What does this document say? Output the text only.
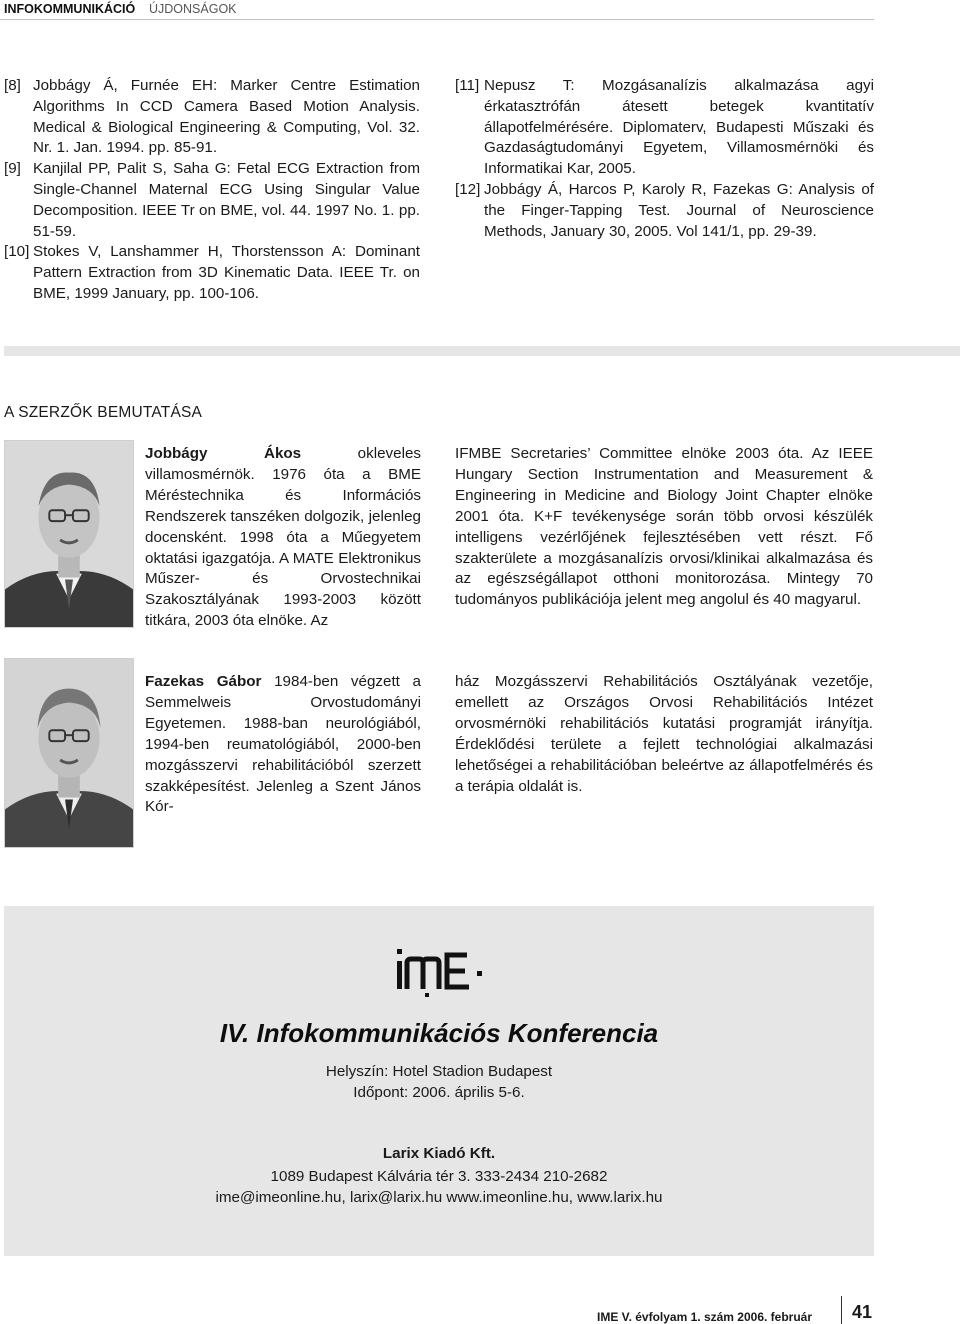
INFOKOMMUNIKÁCIÓ ÚJDONSÁGOK
[8] Jobbágy Á, Furnée EH: Marker Centre Estimation Algorithms In CCD Camera Based Motion Analysis. Medical & Biological Engineering & Computing, Vol. 32. Nr. 1. Jan. 1994. pp. 85-91.
[9] Kanjilal PP, Palit S, Saha G: Fetal ECG Extraction from Single-Channel Maternal ECG Using Singular Value Decomposition. IEEE Tr on BME, vol. 44. 1997 No. 1. pp. 51-59.
[10] Stokes V, Lanshammer H, Thorstensson A: Dominant Pattern Extraction from 3D Kinematic Data. IEEE Tr. on BME, 1999 January, pp. 100-106.
[11] Nepusz T: Mozgásanalízis alkalmazása agyi érkatasztrófán átesett betegek kvantitatív állapotfelmérésére. Diplomaterv, Budapesti Műszaki és Gazdaságtudományi Egyetem, Villamosmérnöki és Informatikai Kar, 2005.
[12] Jobbágy Á, Harcos P, Karoly R, Fazekas G: Analysis of the Finger-Tapping Test. Journal of Neuroscience Methods, January 30, 2005. Vol 141/1, pp. 29-39.
A SZERZŐK BEMUTATÁSA
Jobbágy Ákos okleveles villamosmérnök. 1976 óta a BME Méréstechnika és Információs Rendszerek tanszéken dolgozik, jelenleg docensként. 1998 óta a Műegyetem oktatási igazgatója. A MATE Elektronikus Műszer- és Orvostechnikai Szakosztályának 1993-2003 között titkára, 2003 óta elnöke. Az
IFMBE Secretaries’ Committee elnöke 2003 óta. Az IEEE Hungary Section Instrumentation and Measurement & Engineering in Medicine and Biology Joint Chapter elnöke 2001 óta. K+F tevékenysége során több orvosi készülék intelligens vezérlőjének fejlesztésében vett részt. Fő szakterülete a mozgásanalízis orvosi/klinikai alkalmazása és az egészségállapot otthoni monitorozása. Mintegy 70 tudományos publikációja jelent meg angolul és 40 magyarul.
Fazekas Gábor 1984-ben végzett a Semmelweis Orvostudományi Egyetemen. 1988-ban neurológiából, 1994-ben reumatológiából, 2000-ben mozgásszervi rehabilitációból szerzett szakképesítést. Jelenleg a Szent János Kór-
ház Mozgásszervi Rehabilitációs Osztályának vezetője, emellett az Országos Orvosi Rehabilitációs Intézet orvosmérnöki rehabilitációs kutatási programját irányítja. Érdeklődési területe a fejlett technológiai alkalmazási lehetőségei a rehabilitációban beleértve az állapotfelmérés és a terápia oldalát is.
IV. Infokommunikációs Konferencia
Helyszín: Hotel Stadion Budapest
Időpont: 2006. április 5-6.
Larix Kiadó Kft.
1089 Budapest Kálvária tér 3. 333-2434 210-2682
ime@imeonline.hu, larix@larix.hu www.imeonline.hu, www.larix.hu
IME V. évfolyam 1. szám 2006. február 41
